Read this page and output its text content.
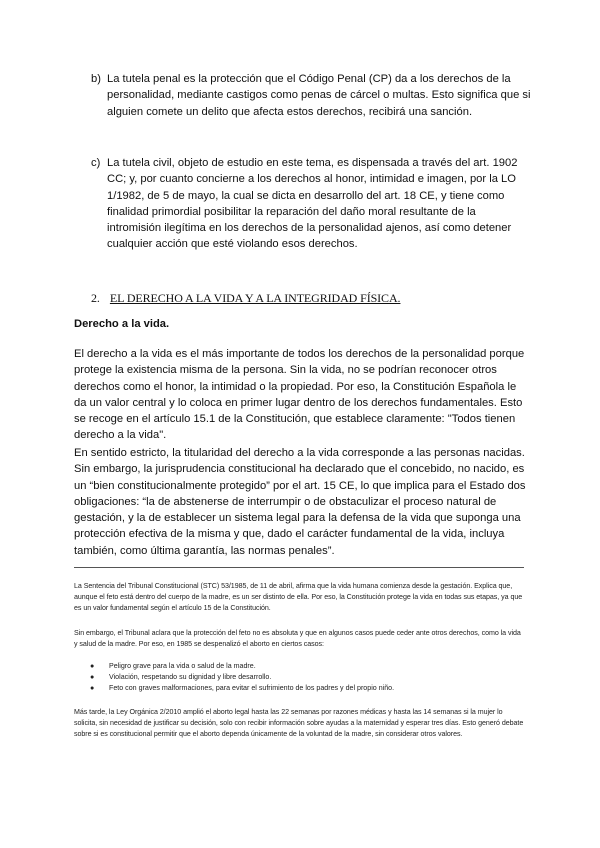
b) La tutela penal es la protección que el Código Penal (CP) da a los derechos de la personalidad, mediante castigos como penas de cárcel o multas. Esto significa que si alguien comete un delito que afecta estos derechos, recibirá una sanción.
c) La tutela civil, objeto de estudio en este tema, es dispensada a través del art. 1902 CC; y, por cuanto concierne a los derechos al honor, intimidad e imagen, por la LO 1/1982, de 5 de mayo, la cual se dicta en desarrollo del art. 18 CE, y tiene como finalidad primordial posibilitar la reparación del daño moral resultante de la intromisión ilegítima en los derechos de la personalidad ajenos, así como detener cualquier acción que esté violando esos derechos.
2. EL DERECHO A LA VIDA Y A LA INTEGRIDAD FÍSICA.
Derecho a la vida.
El derecho a la vida es el más importante de todos los derechos de la personalidad porque protege la existencia misma de la persona. Sin la vida, no se podrían reconocer otros derechos como el honor, la intimidad o la propiedad. Por eso, la Constitución Española le da un valor central y lo coloca en primer lugar dentro de los derechos fundamentales. Esto se recoge en el artículo 15.1 de la Constitución, que establece claramente: "Todos tienen derecho a la vida".
En sentido estricto, la titularidad del derecho a la vida corresponde a las personas nacidas. Sin embargo, la jurisprudencia constitucional ha declarado que el concebido, no nacido, es un “bien constitucionalmente protegido” por el art. 15 CE, lo que implica para el Estado dos obligaciones: “la de abstenerse de interrumpir o de obstaculizar el proceso natural de gestación, y la de establecer un sistema legal para la defensa de la vida que suponga una protección efectiva de la misma y que, dado el carácter fundamental de la vida, incluya también, como última garantía, las normas penales”.
La Sentencia del Tribunal Constitucional (STC) 53/1985, de 11 de abril, afirma que la vida humana comienza desde la gestación. Explica que, aunque el feto está dentro del cuerpo de la madre, es un ser distinto de ella. Por eso, la Constitución protege la vida en todas sus etapas, ya que es un valor fundamental según el artículo 15 de la Constitución.
Sin embargo, el Tribunal aclara que la protección del feto no es absoluta y que en algunos casos puede ceder ante otros derechos, como la vida y salud de la madre. Por eso, en 1985 se despenalizó el aborto en ciertos casos:
● Peligro grave para la vida o salud de la madre.
● Violación, respetando su dignidad y libre desarrollo.
● Feto con graves malformaciones, para evitar el sufrimiento de los padres y del propio niño.
Más tarde, la Ley Orgánica 2/2010 amplió el aborto legal hasta las 22 semanas por razones médicas y hasta las 14 semanas si la mujer lo solicita, sin necesidad de justificar su decisión, solo con recibir información sobre ayudas a la maternidad y esperar tres días. Esto generó debate sobre si es constitucional permitir que el aborto dependa únicamente de la voluntad de la madre, sin considerar otros valores.
